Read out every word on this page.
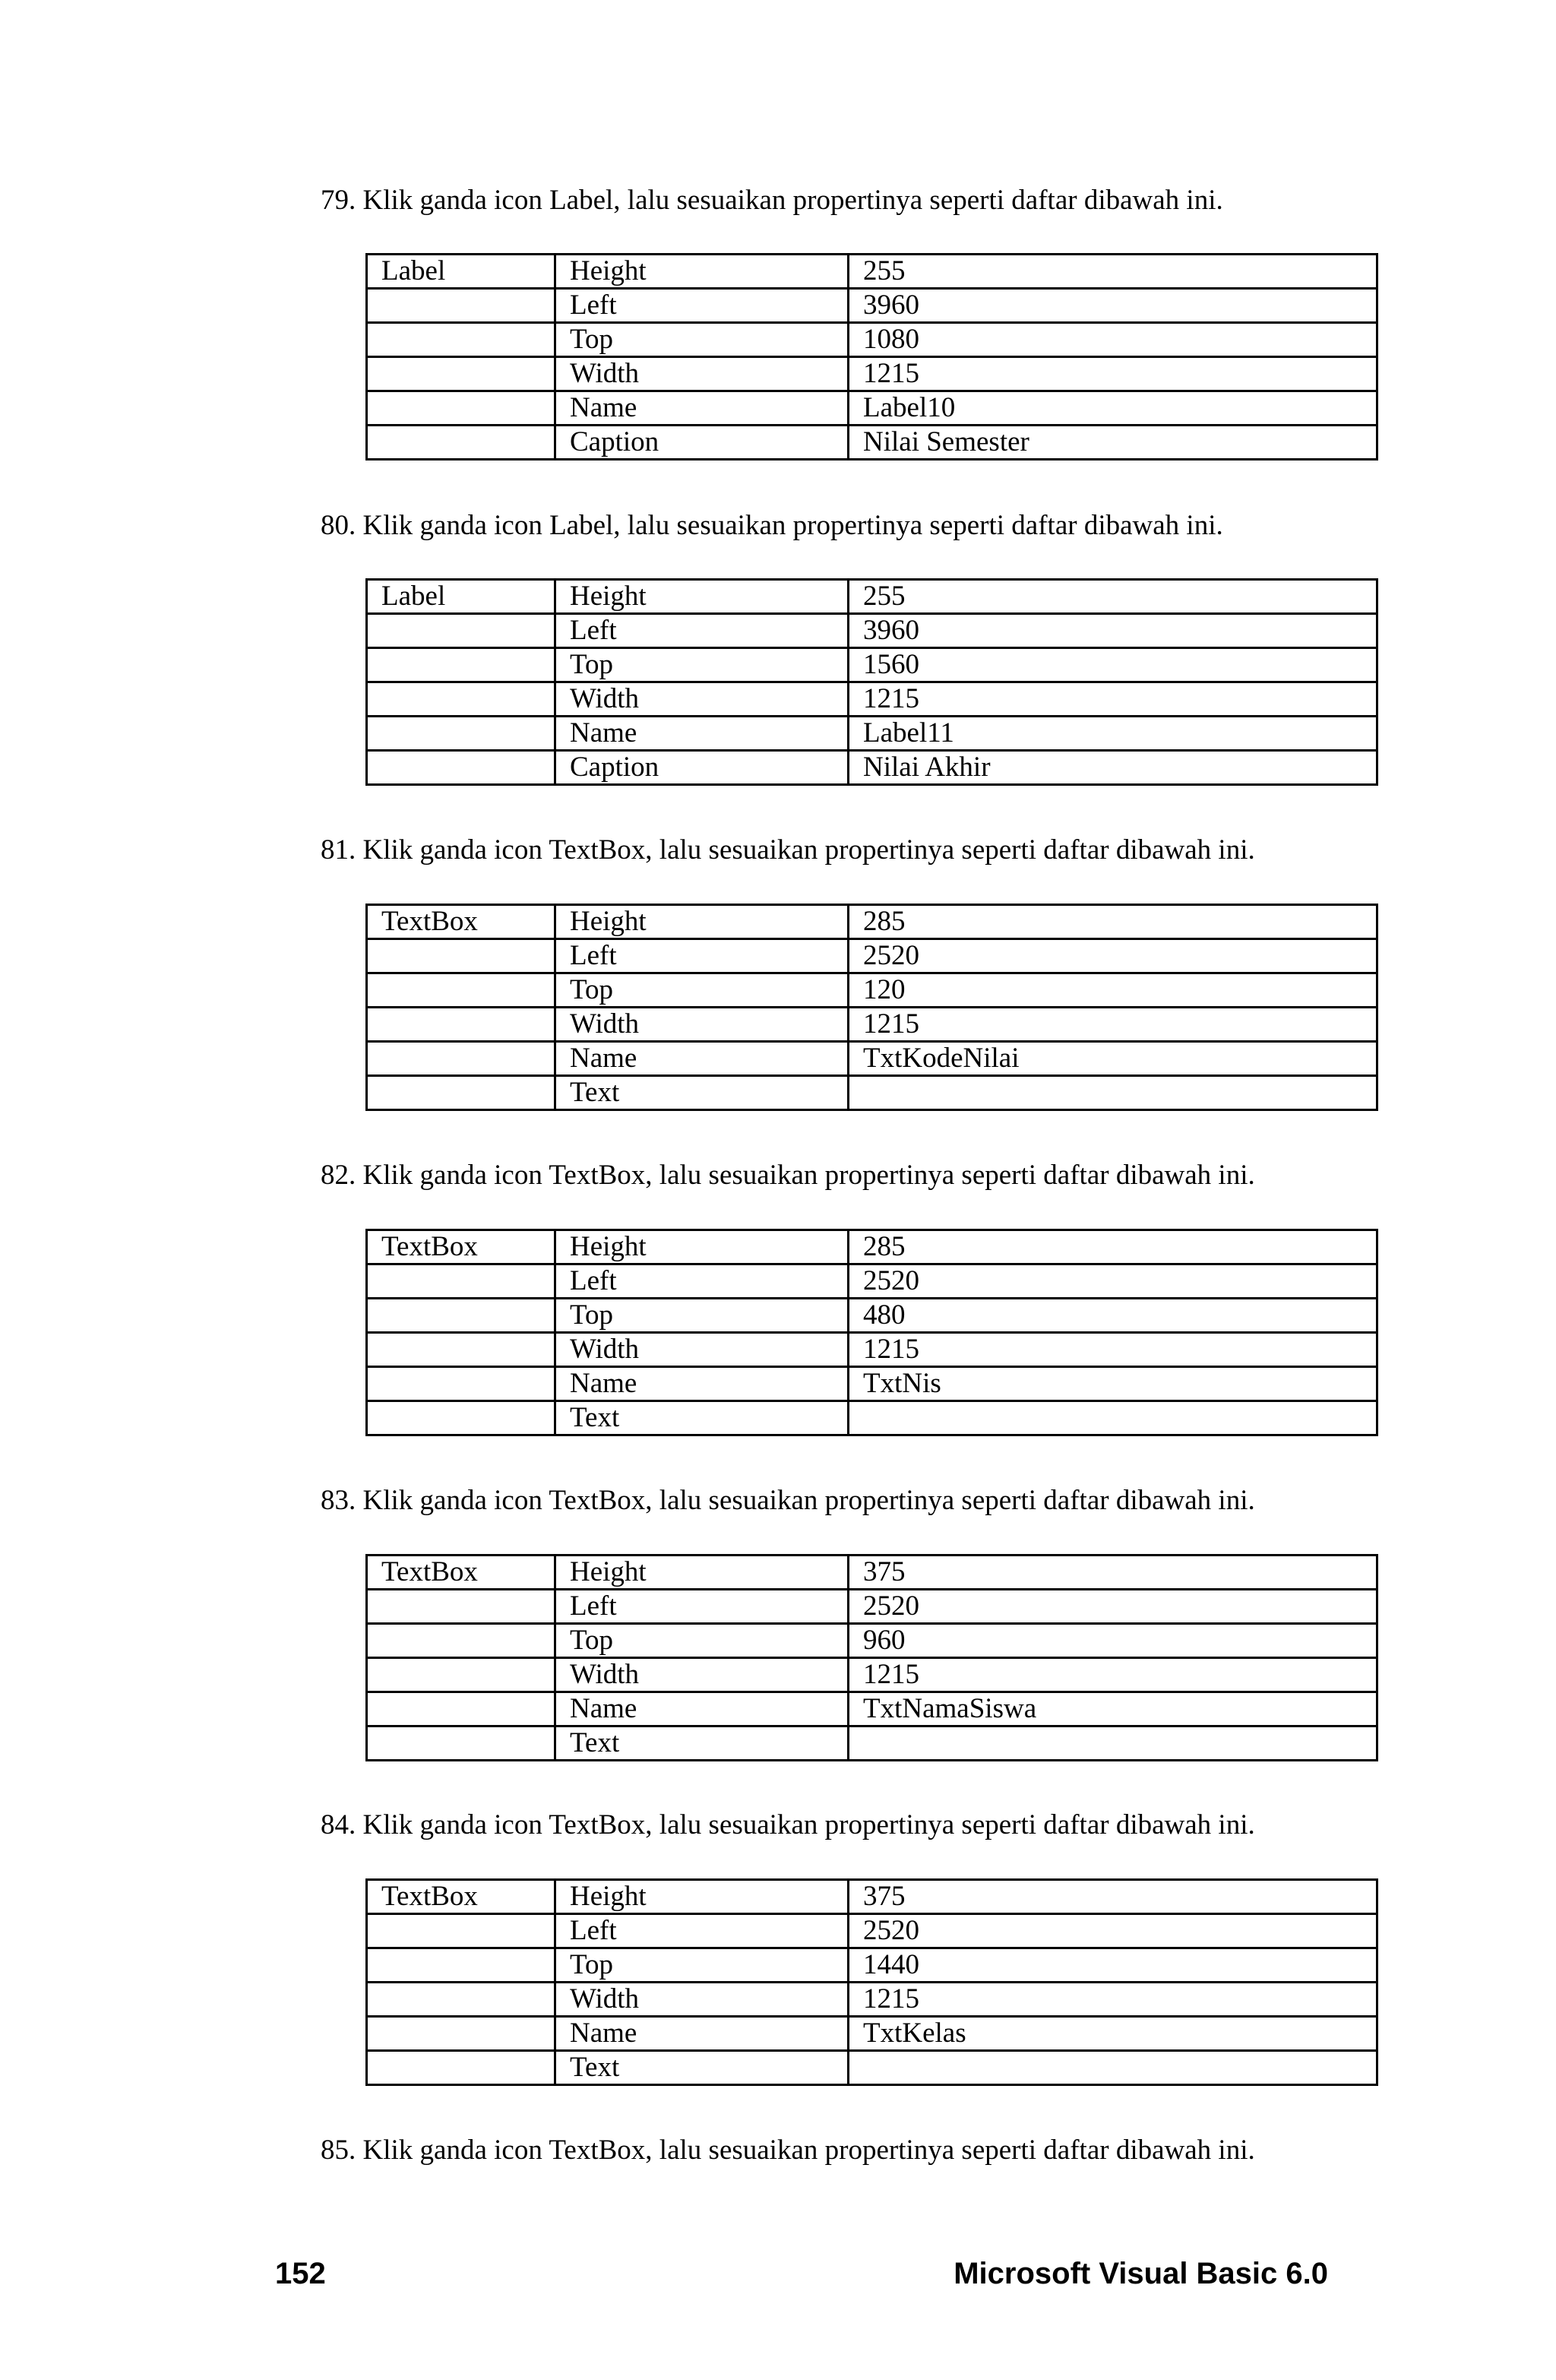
79. Klik ganda icon Label, lalu sesuaikan propertinya seperti daftar dibawah ini.
Label	Height	255
	Left	3960
	Top	1080
	Width	1215
	Name	Label10
	Caption	Nilai Semester
80. Klik ganda icon Label, lalu sesuaikan propertinya seperti daftar dibawah ini.
Label	Height	255
	Left	3960
	Top	1560
	Width	1215
	Name	Label11
	Caption	Nilai Akhir
81. Klik ganda icon TextBox, lalu sesuaikan propertinya seperti daftar dibawah ini.
TextBox	Height	285
	Left	2520
	Top	120
	Width	1215
	Name	TxtKodeNilai
	Text	
82. Klik ganda icon TextBox, lalu sesuaikan propertinya seperti daftar dibawah ini.
TextBox	Height	285
	Left	2520
	Top	480
	Width	1215
	Name	TxtNis
	Text	
83. Klik ganda icon TextBox, lalu sesuaikan propertinya seperti daftar dibawah ini.
TextBox	Height	375
	Left	2520
	Top	960
	Width	1215
	Name	TxtNamaSiswa
	Text	
84. Klik ganda icon TextBox, lalu sesuaikan propertinya seperti daftar dibawah ini.
TextBox	Height	375
	Left	2520
	Top	1440
	Width	1215
	Name	TxtKelas
	Text	
85. Klik ganda icon TextBox, lalu sesuaikan propertinya seperti daftar dibawah ini.
152	Microsoft Visual Basic 6.0
